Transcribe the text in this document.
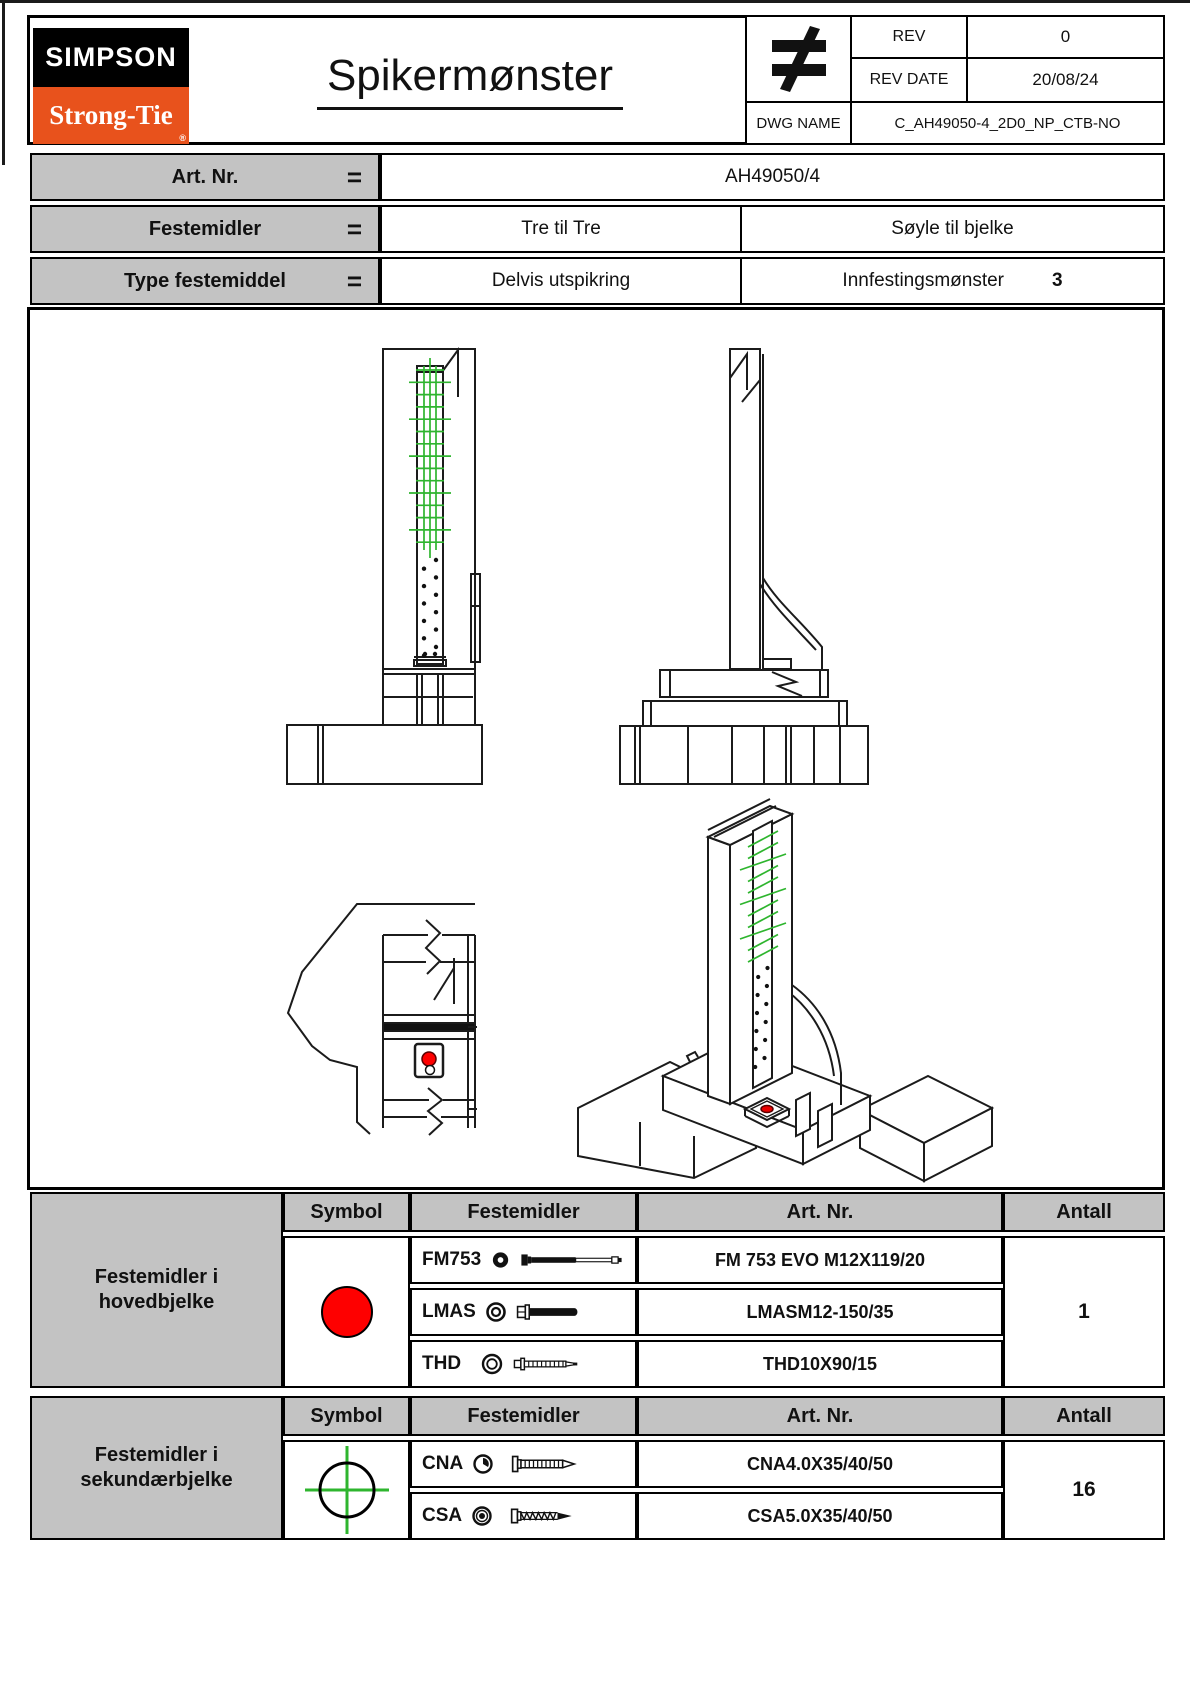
SIMPSON
Strong-Tie
®
Spikermønster
REV	0
REV DATE	20/08/24
DWG NAME	C_AH49050-4_2D0_NP_CTB-NO
Art. Nr.	=	AH49050/4
Festemidler	=	Tre til Tre	Søyle til bjelke
Type festemiddel =	Delvis utspikring	Innfestingsmønster	3
Festemidler i hovedbjelke
Symbol	Festemidler	Art. Nr.	Antall
FM753	FM 753 EVO M12X119/20
LMAS	LMASM12-150/35
THD	THD10X90/15
1
Festemidler i sekundærbjelke
Symbol	Festemidler	Art. Nr.	Antall
CNA	CNA4.0X35/40/50
CSA	CSA5.0X35/40/50
16
